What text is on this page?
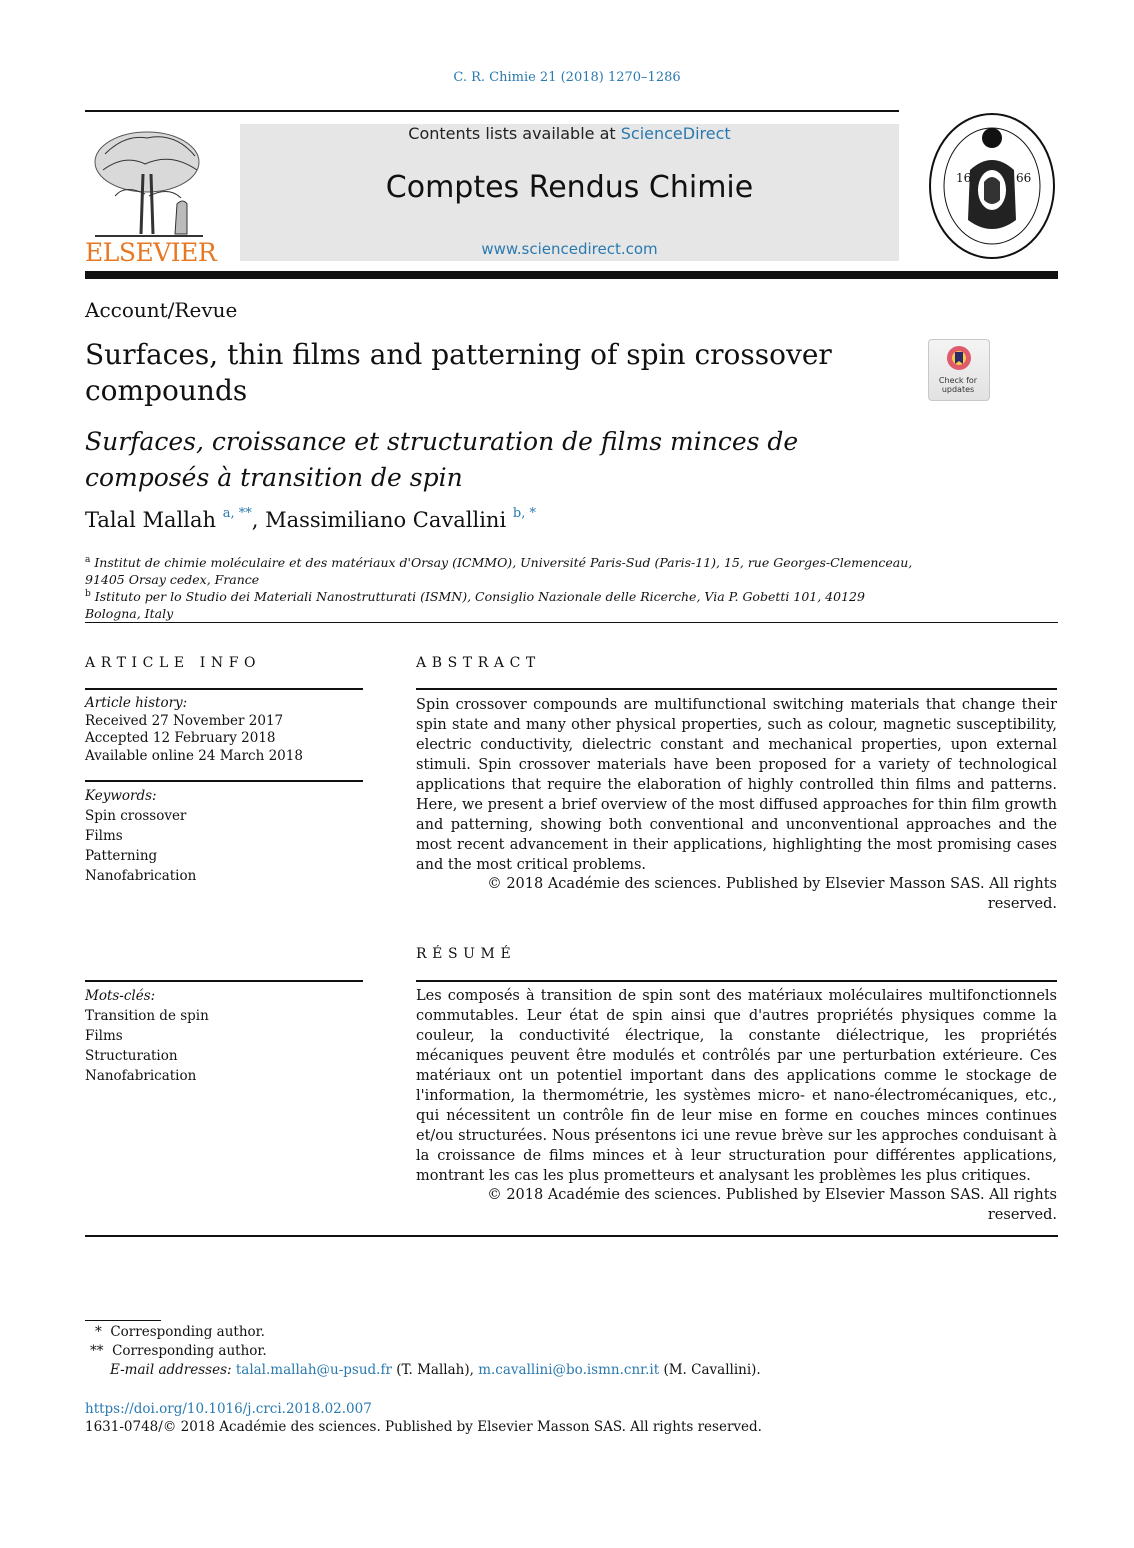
C. R. Chimie 21 (2018) 1270–1286
Contents lists available at ScienceDirect
Comptes Rendus Chimie
www.sciencedirect.com
ELSEVIER
16	66
Account/Revue
Surfaces, thin films and patterning of spin crossover compounds	Check for updates
Surfaces, croissance et structuration de films minces de composés à transition de spin
Talal Mallah $^{a, **}$, Massimiliano Cavallini $^{b, *}$
$^a$ Institut de chimie moléculaire et des matériaux d'Orsay (ICMMO), Université Paris-Sud (Paris-11), 15, rue Georges-Clemenceau, 91405 Orsay cedex, France
$^b$ Istituto per lo Studio dei Materiali Nanostrutturati (ISMN), Consiglio Nazionale delle Ricerche, Via P. Gobetti 101, 40129 Bologna, Italy
ARTICLE INFO
Article history:
Received 27 November 2017
Accepted 12 February 2018
Available online 24 March 2018
Keywords:
Spin crossover
Films
Patterning
Nanofabrication
Mots-clés:
Transition de spin
Films
Structuration
Nanofabrication
ABSTRACT
Spin crossover compounds are multifunctional switching materials that change their spin state and many other physical properties, such as colour, magnetic susceptibility, electric conductivity, dielectric constant and mechanical properties, upon external stimuli. Spin crossover materials have been proposed for a variety of technological applications that require the elaboration of highly controlled thin films and patterns. Here, we present a brief overview of the most diffused approaches for thin film growth and patterning, showing both conventional and unconventional approaches and the most recent advancement in their applications, highlighting the most promising cases and the most critical problems.
© 2018 Académie des sciences. Published by Elsevier Masson SAS. All rights reserved.
RÉSUMÉ
Les composés à transition de spin sont des matériaux moléculaires multifonctionnels commutables. Leur état de spin ainsi que d'autres propriétés physiques comme la couleur, la conductivité électrique, la constante diélectrique, les propriétés mécaniques peuvent être modulés et contrôlés par une perturbation extérieure. Ces matériaux ont un potentiel important dans des applications comme le stockage de l'information, la thermométrie, les systèmes micro- et nano-électromécaniques, etc., qui nécessitent un contrôle fin de leur mise en forme en couches minces continues et/ou structurées. Nous présentons ici une revue brève sur les approches conduisant à la croissance de films minces et à leur structuration pour différentes applications, montrant les cas les plus prometteurs et analysant les problèmes les plus critiques.
© 2018 Académie des sciences. Published by Elsevier Masson SAS. All rights reserved.
* Corresponding author.
** Corresponding author.
E-mail addresses: talal.mallah@u-psud.fr (T. Mallah), m.cavallini@bo.ismn.cnr.it (M. Cavallini).
https://doi.org/10.1016/j.crci.2018.02.007
1631-0748/© 2018 Académie des sciences. Published by Elsevier Masson SAS. All rights reserved.
